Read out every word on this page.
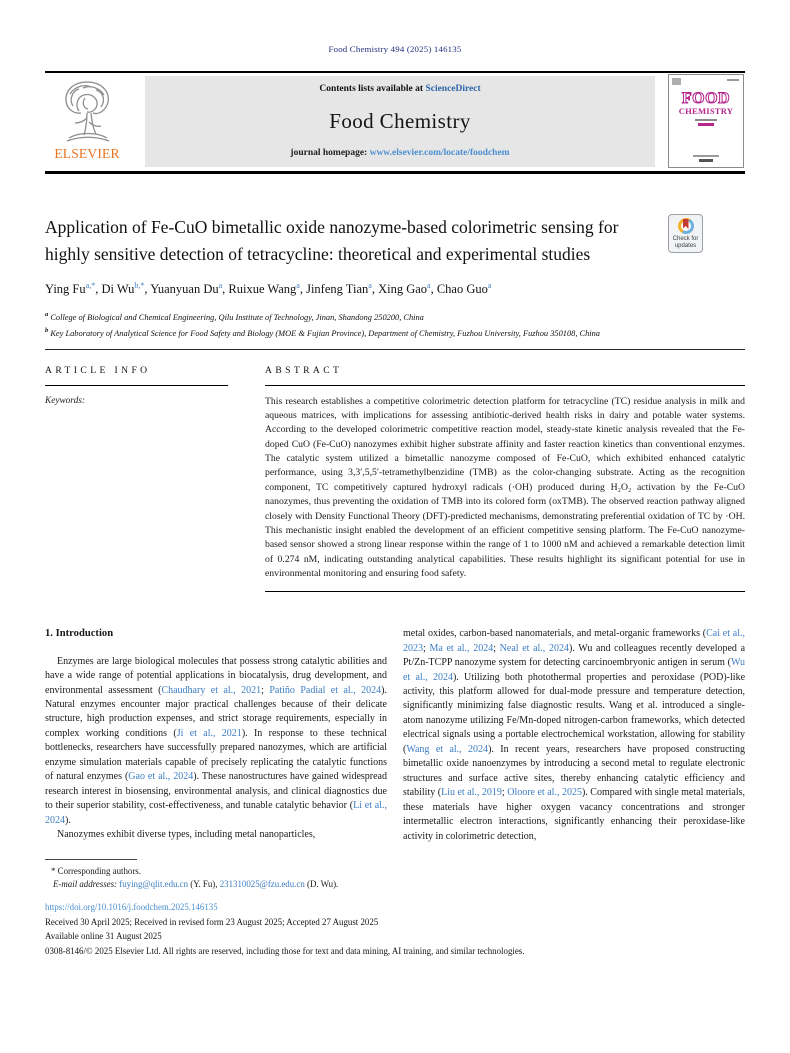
Food Chemistry 494 (2025) 146135
ELSEVIER
Contents lists available at ScienceDirect
Food Chemistry
journal homepage: www.elsevier.com/locate/foodchem
FOOD
CHEMISTRY
Application of Fe-CuO bimetallic oxide nanozyme-based colorimetric sensing for highly sensitive detection of tetracycline: theoretical and experimental studies
Check for
updates
Ying $Fu^{a,*}$, Di $Wu^{b,*}$, Yuanyuan Du$^a$, Ruixue Wang$^a$, Jinfeng Tian$^a$, Xing Gao$^a$, Chao Guo$^a$
$^a$ College of Biological and Chemical Engineering, Qilu Institute of Technology, Jinan, Shandong 250200, China
$^b$ Key Laboratory of Analytical Science for Food Safety and Biology (MOE & Fujian Province), Department of Chemistry, Fuzhou University, Fuzhou 350108, China
ARTICLE INFO
Keywords:
ABSTRACT
This research establishes a competitive colorimetric detection platform for tetracycline (TC) residue analysis in milk and aqueous matrices, with implications for assessing antibiotic-derived health risks in dairy and potable water systems. According to the developed colorimetric competitive reaction model, steady-state kinetic analysis revealed that the Fe-doped CuO (Fe-CuO) nanozymes exhibit higher substrate affinity and faster reaction kinetics than conventional enzymes. The catalytic system utilized a bimetallic nanozyme composed of Fe-CuO, which exhibited enhanced catalytic performance, using 3,3′,5,5′-tetramethylbenzidine (TMB) as the color-changing substrate. Acting as the recognition component, TC competitively captured hydroxyl radicals (·OH) produced during H₂O₂ activation by the Fe-CuO nanozymes, thus preventing the oxidation of TMB into its colored form (oxTMB). The observed reaction pathway aligned closely with Density Functional Theory (DFT)-predicted mechanisms, demonstrating preferential oxidation of TC by ·OH. This mechanistic insight enabled the development of an efficient competitive sensing platform. The Fe-CuO nanozyme-based sensor showed a strong linear response within the range of 1 to 1000 nM and achieved a remarkable detection limit of 0.274 nM, indicating outstanding analytical capabilities. These results highlight its significant potential for use in environmental monitoring and ensuring food safety.
1. Introduction

Enzymes are large biological molecules that possess strong catalytic abilities and have a wide range of potential applications in biocatalysis, drug development, and environmental assessment (Chaudhary et al., 2021; Patiño Padial et al., 2024). Natural enzymes encounter major practical challenges because of their delicate structure, high production expenses, and strict storage requirements, especially in complex working conditions (Ji et al., 2021). In response to these technical bottlenecks, researchers have successfully prepared nanozymes, which are artificial enzyme simulation materials capable of precisely replicating the catalytic functions of natural enzymes (Gao et al., 2024). These nanostructures have gained widespread research interest in biosensing, environmental analysis, and clinical diagnostics due to their superior stability, cost-effectiveness, and tunable catalytic behavior (Li et al., 2024).

Nanozymes exhibit diverse types, including metal nanoparticles,

metal oxides, carbon-based nanomaterials, and metal-organic frameworks (Cai et al., 2023; Ma et al., 2024; Neal et al., 2024). Wu and colleagues recently developed a Pt/Zn-TCPP nanozyme system for detecting carcinoembryonic antigen in serum (Wu et al., 2024). Utilizing both photothermal properties and peroxidase (POD)-like activity, this platform allowed for dual-mode pressure and temperature detection, significantly minimizing false diagnostic results. Wang et al. introduced a single-atom nanozyme utilizing Fe/Mn-doped nitrogen-carbon frameworks, which detected electrical signals using a portable electrochemical workstation, allowing for stability (Wang et al., 2024). In recent years, researchers have proposed constructing bimetallic oxide nanoenzymes by introducing a second metal to regulate electronic structures and surface active sites, thereby enhancing catalytic efficiency and stability (Liu et al., 2019; Oloore et al., 2025). Compared with single metal materials, these materials have higher oxygen vacancy concentrations and stronger intermetallic electron interactions, significantly enhancing their peroxidase-like activity in colorimetric detection,

* Corresponding authors.
E-mail addresses: fuying@qlit.edu.cn (Y. Fu), 231310025@fzu.edu.cn (D. Wu).
https://doi.org/10.1016/j.foodchem.2025.146135
Received 30 April 2025; Received in revised form 23 August 2025; Accepted 27 August 2025
Available online 31 August 2025
0308-8146/© 2025 Elsevier Ltd. All rights are reserved, including those for text and data mining, AI training, and similar technologies.
